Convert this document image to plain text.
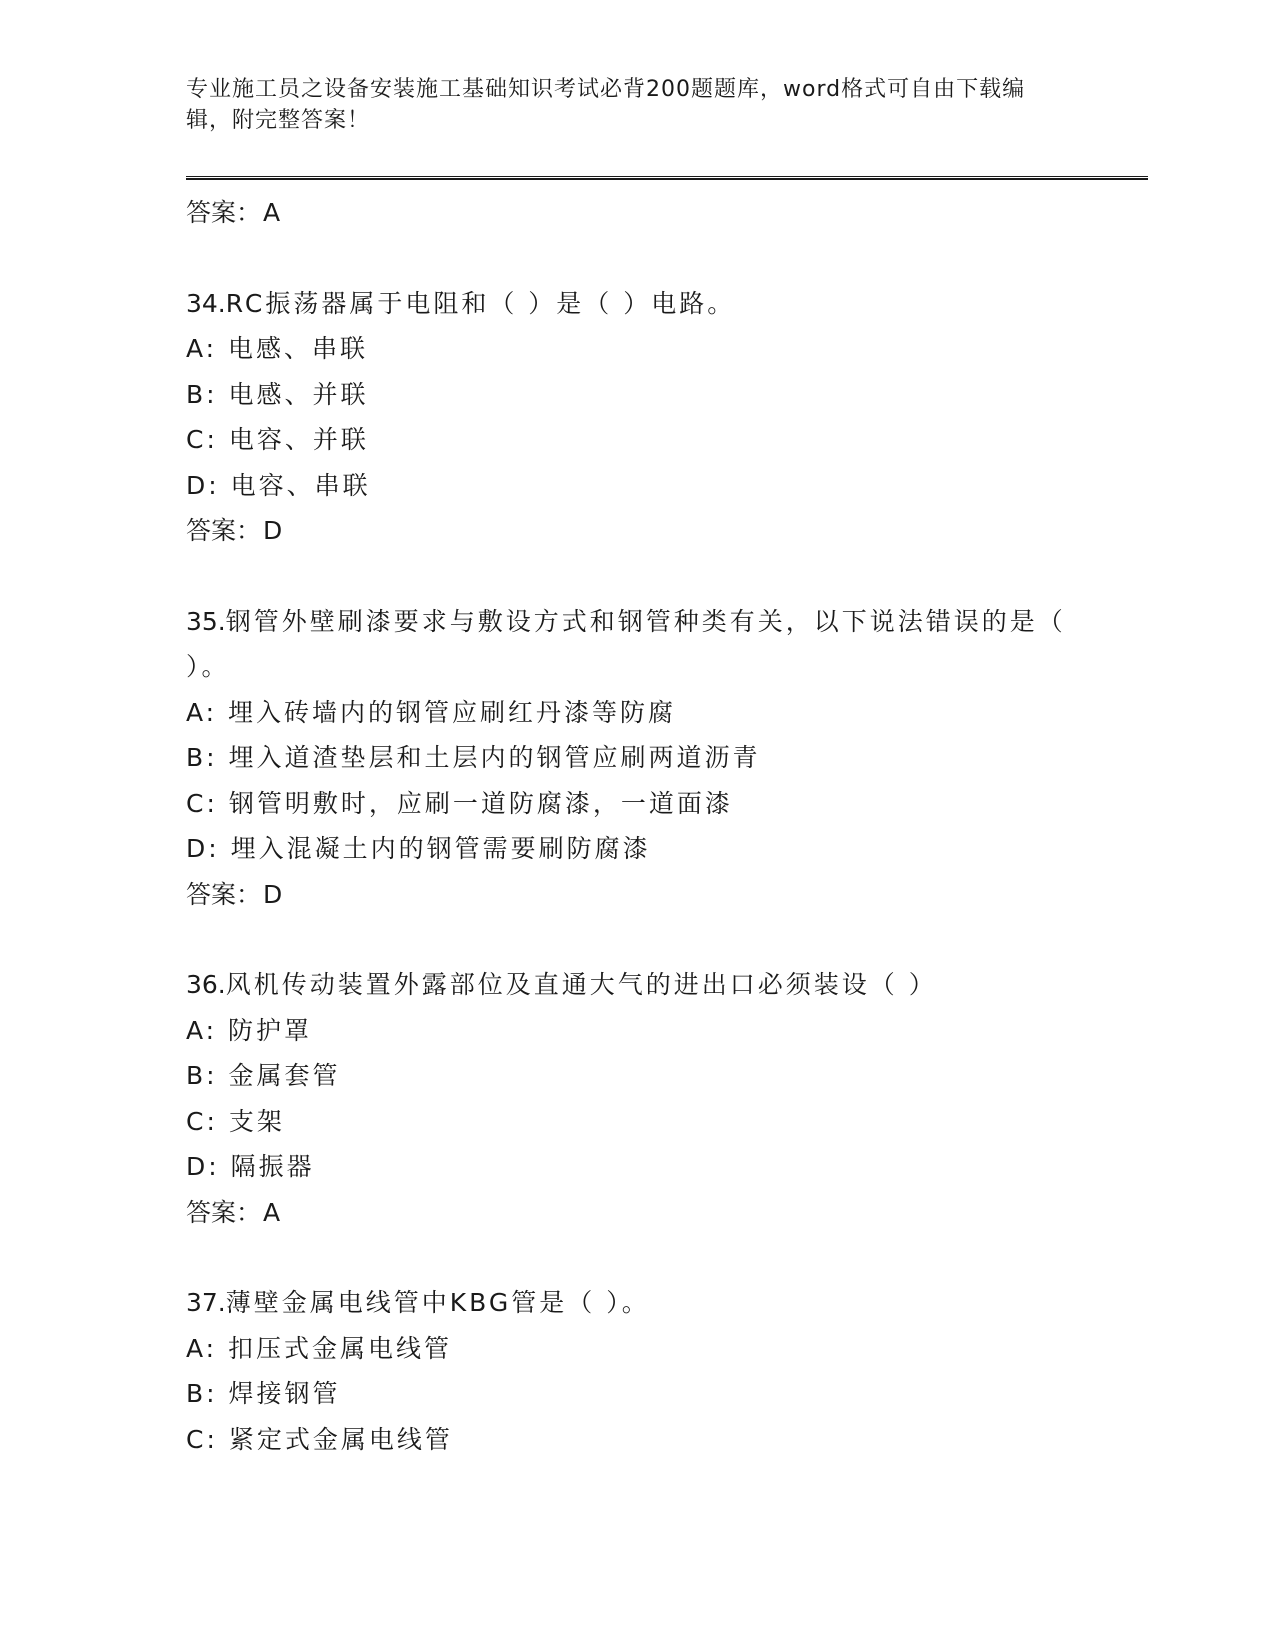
专业施工员之设备安装施工基础知识考试必背200题题库，word格式可自由下载编辑，附完整答案！
答案：A
34.RC振荡器属于电阻和（ ）是（ ）电路。
A: 电感、串联
B: 电感、并联
C: 电容、并联
D: 电容、串联
答案：D
35.钢管外壁刷漆要求与敷设方式和钢管种类有关，以下说法错误的是（ ）。
A: 埋入砖墙内的钢管应刷红丹漆等防腐
B: 埋入道渣垫层和土层内的钢管应刷两道沥青
C: 钢管明敷时，应刷一道防腐漆，一道面漆
D: 埋入混凝土内的钢管需要刷防腐漆
答案：D
36.风机传动装置外露部位及直通大气的进出口必须装设（ ）
A: 防护罩
B: 金属套管
C: 支架
D: 隔振器
答案：A
37.薄壁金属电线管中KBG管是（ ）。
A: 扣压式金属电线管
B: 焊接钢管
C: 紧定式金属电线管
